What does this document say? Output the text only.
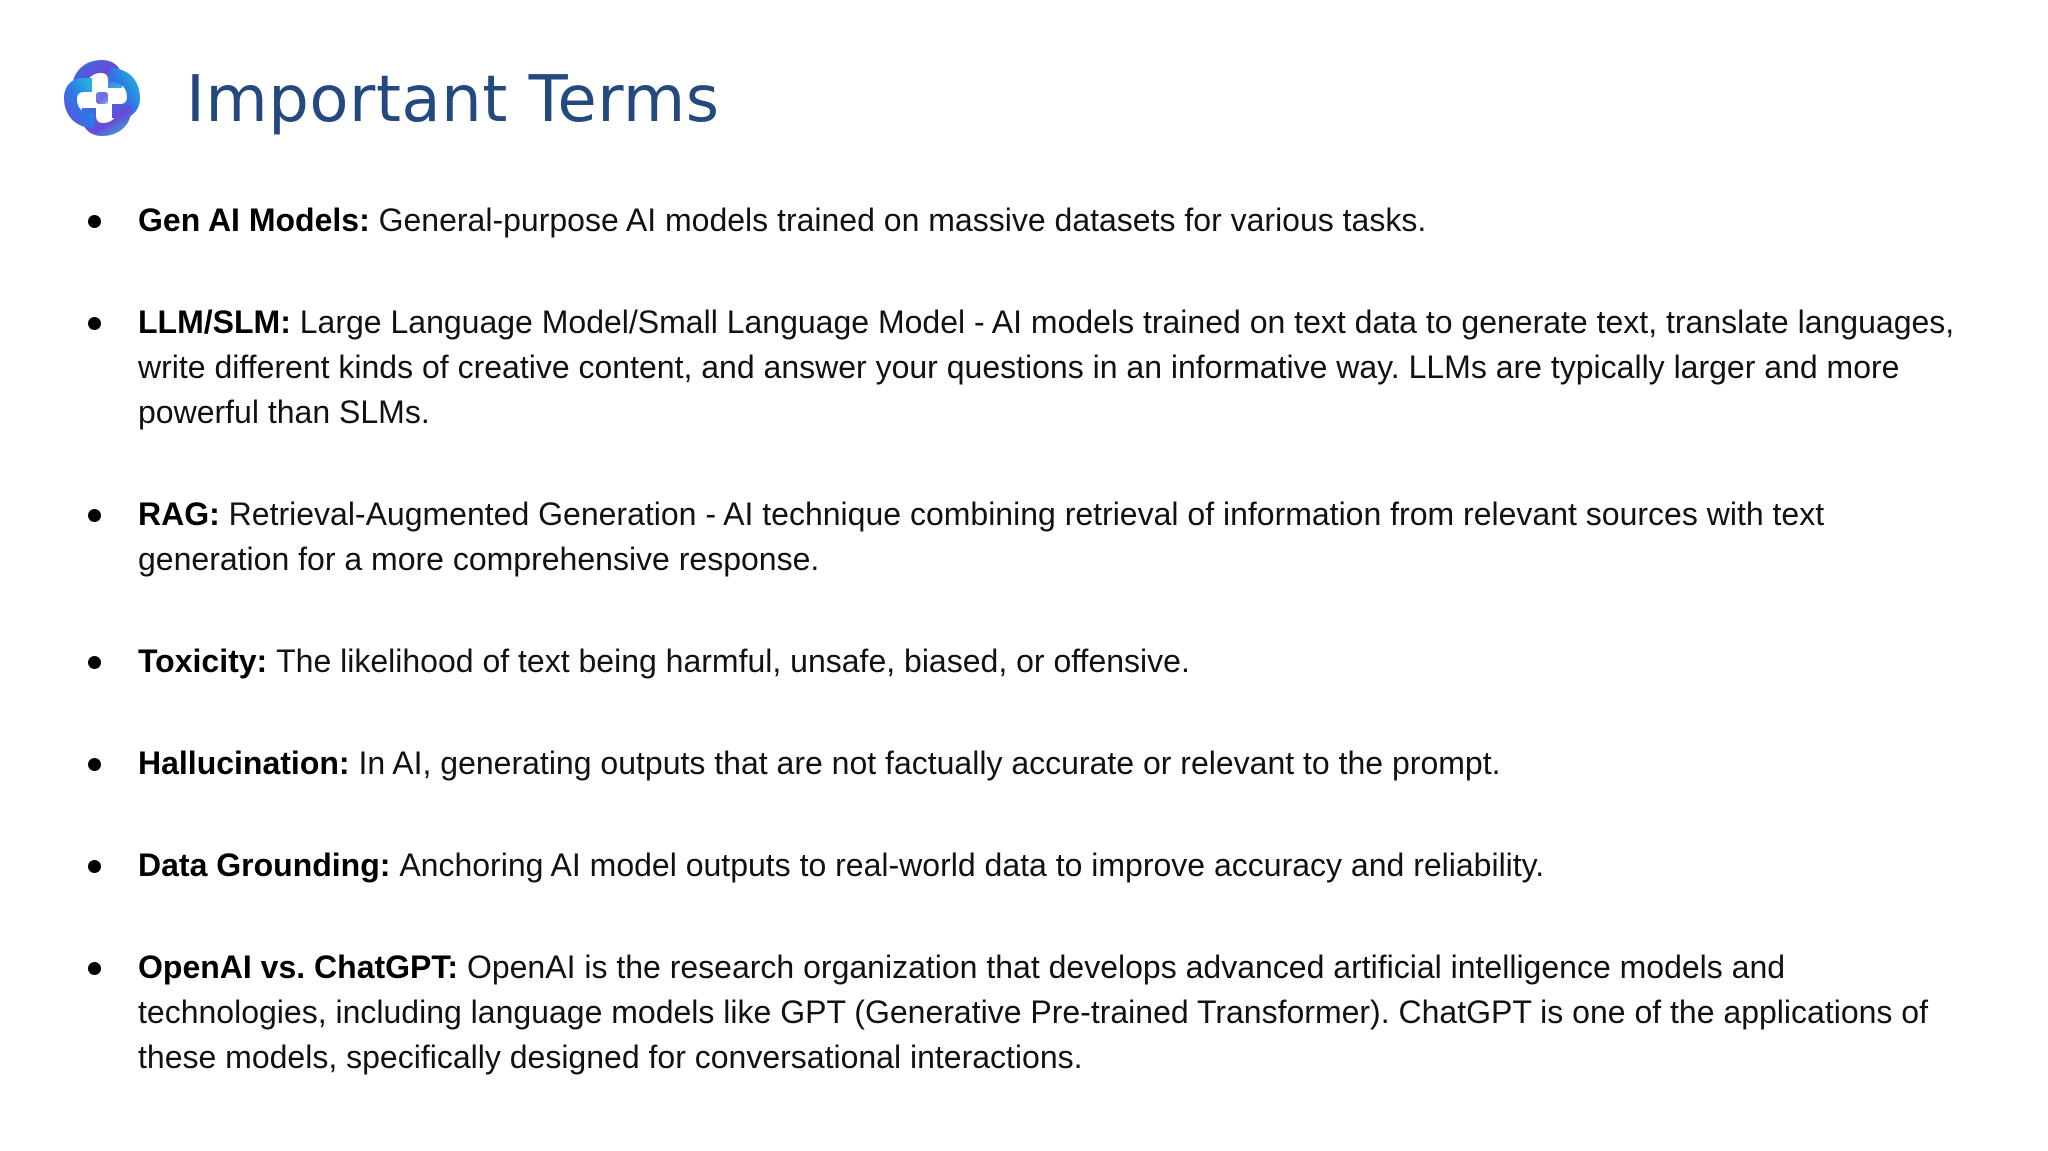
Important Terms
Gen AI Models: General-purpose AI models trained on massive datasets for various tasks.
LLM/SLM: Large Language Model/Small Language Model - AI models trained on text data to generate text, translate languages, write different kinds of creative content, and answer your questions in an informative way. LLMs are typically larger and more powerful than SLMs.
RAG: Retrieval-Augmented Generation - AI technique combining retrieval of information from relevant sources with text generation for a more comprehensive response.
Toxicity: The likelihood of text being harmful, unsafe, biased, or offensive.
Hallucination: In AI, generating outputs that are not factually accurate or relevant to the prompt.
Data Grounding: Anchoring AI model outputs to real-world data to improve accuracy and reliability.
OpenAI vs. ChatGPT: OpenAI is the research organization that develops advanced artificial intelligence models and technologies, including language models like GPT (Generative Pre-trained Transformer). ChatGPT is one of the applications of these models, specifically designed for conversational interactions.
